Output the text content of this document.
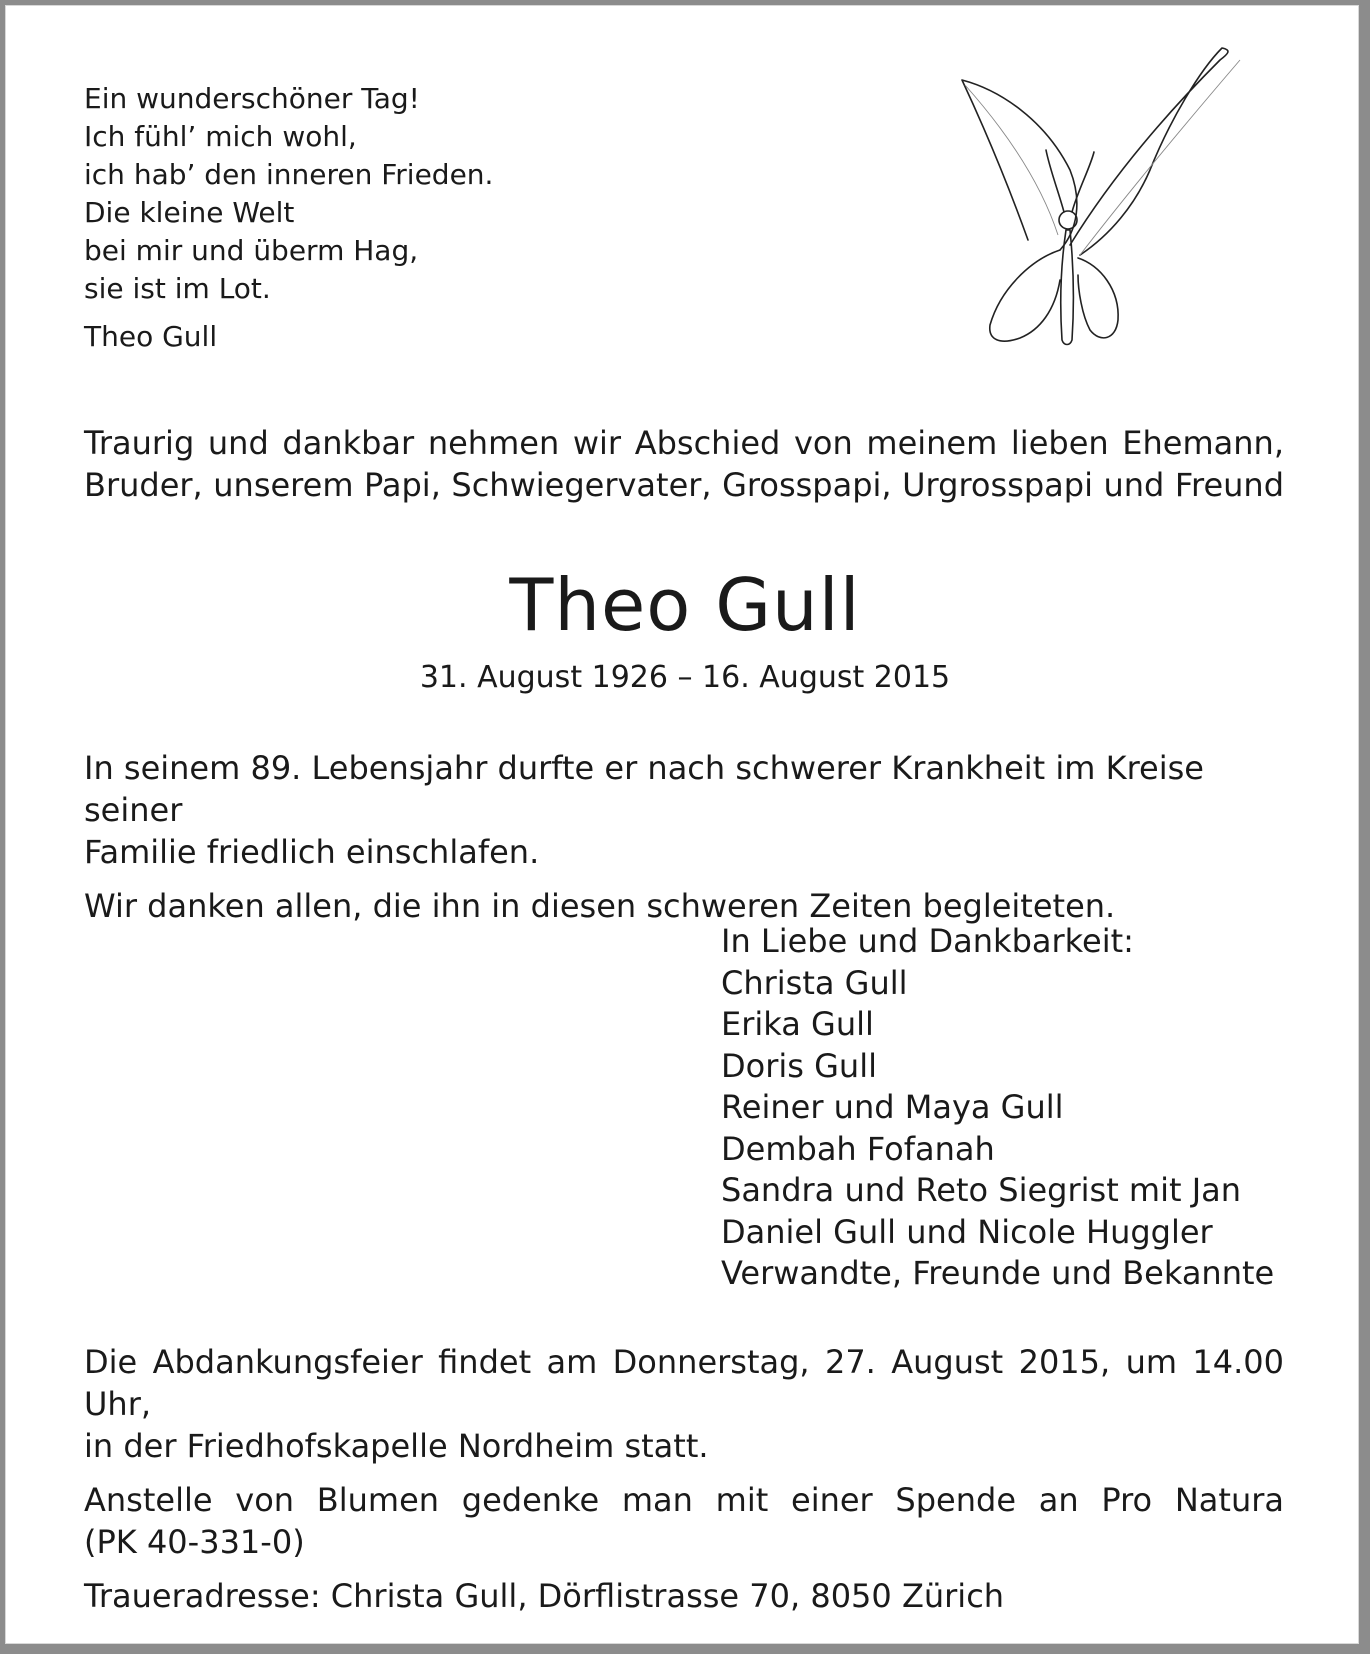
Ein wunderschöner Tag!
Ich fühl’ mich wohl,
ich hab’ den inneren Frieden.
Die kleine Welt
bei mir und überm Hag,
sie ist im Lot.
Theo Gull
Traurig und dankbar nehmen wir Abschied von meinem lieben Ehemann,
Bruder, unserem Papi, Schwiegervater, Grosspapi, Urgrosspapi und Freund
Theo Gull
31. August 1926 – 16. August 2015
In seinem 89. Lebensjahr durfte er nach schwerer Krankheit im Kreise seiner
Familie friedlich einschlafen.
Wir danken allen, die ihn in diesen schweren Zeiten begleiteten.
In Liebe und Dankbarkeit:
Christa Gull
Erika Gull
Doris Gull
Reiner und Maya Gull
Dembah Fofanah
Sandra und Reto Siegrist mit Jan
Daniel Gull und Nicole Huggler
Verwandte, Freunde und Bekannte
Die Abdankungsfeier findet am Donnerstag, 27. August 2015, um 14.00 Uhr,
in der Friedhofskapelle Nordheim statt.
Anstelle von Blumen gedenke man mit einer Spende an Pro Natura
(PK 40-331-0)
Traueradresse: Christa Gull, Dörflistrasse 70, 8050 Zürich
